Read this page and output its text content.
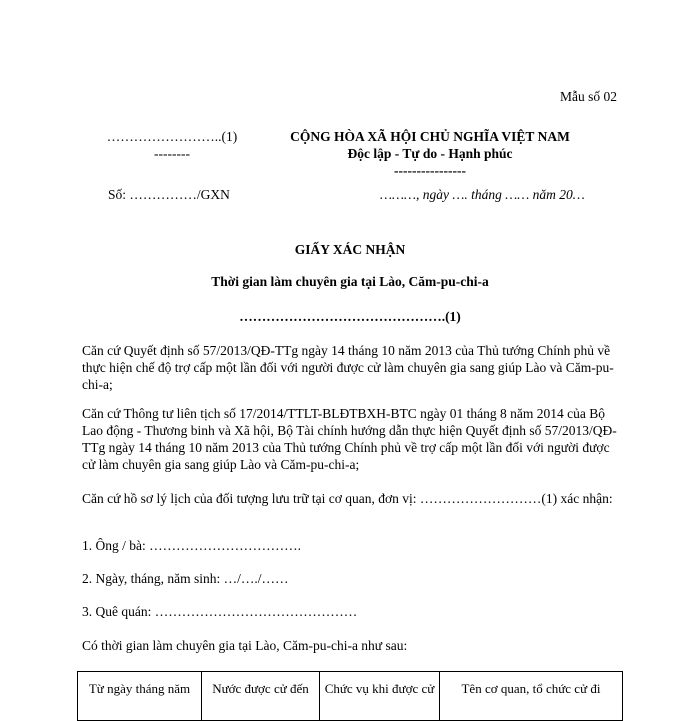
Mẫu số 02
……………………..(1)
--------
CỘNG HÒA XÃ HỘI CHỦ NGHĨA VIỆT NAM
Độc lập - Tự do - Hạnh phúc
----------------
Số: ……………/GXN	………, ngày …. tháng …… năm 20…
GIẤY XÁC NHẬN
Thời gian làm chuyên gia tại Lào, Căm-pu-chi-a
……………………………………….(1)
Căn cứ Quyết định số 57/2013/QĐ-TTg ngày 14 tháng 10 năm 2013 của Thủ tướng Chính phủ về thực hiện chế độ trợ cấp một lần đối với người được cử làm chuyên gia sang giúp Lào và Căm-pu-chi-a;
Căn cứ Thông tư liên tịch số 17/2014/TTLT-BLĐTBXH-BTC ngày 01 tháng 8 năm 2014 của Bộ Lao động - Thương binh và Xã hội, Bộ Tài chính hướng dẫn thực hiện Quyết định số 57/2013/QĐ-TTg ngày 14 tháng 10 năm 2013 của Thủ tướng Chính phủ về trợ cấp một lần đối với người được cử làm chuyên gia sang giúp Lào và Căm-pu-chi-a;
Căn cứ hồ sơ lý lịch của đối tượng lưu trữ tại cơ quan, đơn vị: ………………………(1) xác nhận:
1. Ông / bà: …………………………….
2. Ngày, tháng, năm sinh: …/…./……
3. Quê quán: ………………………………………
Có thời gian làm chuyên gia tại Lào, Căm-pu-chi-a như sau:
Từ ngày tháng năm	Nước được cử đến	Chức vụ khi được cử	Tên cơ quan, tổ chức cử đi
